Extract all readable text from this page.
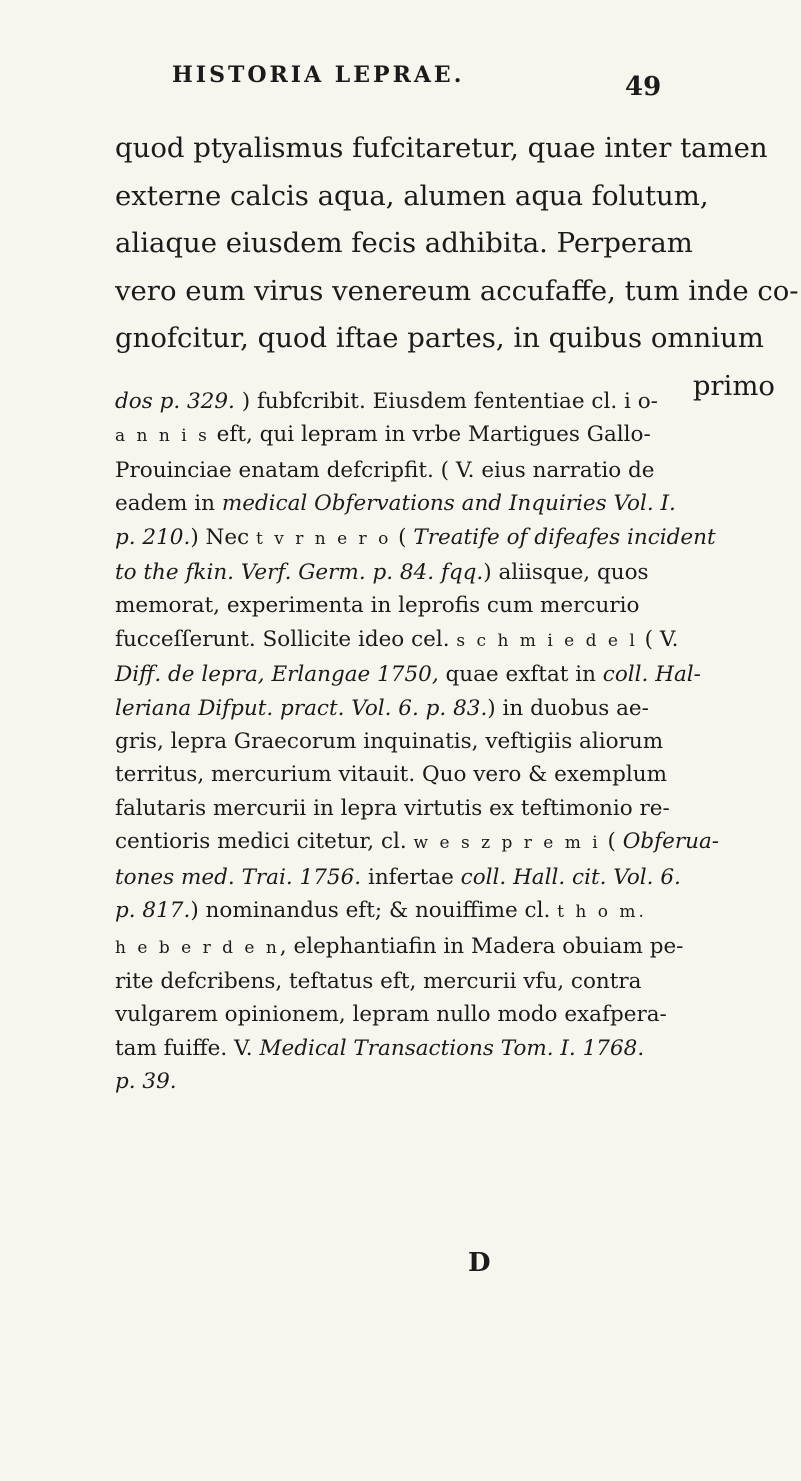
HISTORIA LEPRAE.	49
quod ptyalismus fufcitaretur, quae inter tamen
externe calcis aqua, alumen aqua folutum,
aliaque eiusdem fecis adhibita. Perperam
vero eum virus venereum accufaffe, tum inde co-
gnofcitur, quod iftae partes, in quibus omnium
primo
dos p. 329. ) fubfcribit. Eiusdem fententiae cl. i o-
a n n i s eft, qui lepram in vrbe Martigues Gallo-
Prouinciae enatam defcripfit. ( V. eius narratio de
eadem in medical Obfervations and Inquiries Vol. I.
p. 210.) Nec t v r n e r o ( Treatife of difeafes incident
to the fkin. Verf. Germ. p. 84. fqq.) aliisque, quos
memorat, experimenta in leprofis cum mercurio
fucceſſerunt. Sollicite ideo cel. s c h m i e d e l ( V.
Diff. de lepra, Erlangae 1750, quae exftat in coll. Hal-
leriana Difput. pract. Vol. 6. p. 83.) in duobus ae-
gris, lepra Graecorum inquinatis, veftigiis aliorum
territus, mercurium vitauit. Quo vero & exemplum
falutaris mercurii in lepra virtutis ex teftimonio re-
centioris medici citetur, cl. w e s z p r e m i ( Obferua-
tones med. Trai. 1756. infertae coll. Hall. cit. Vol. 6.
p. 817.) nominandus eft; & nouiffime cl. t h o m.
h e b e r d e n, elephantiafin in Madera obuiam pe-
rite defcribens, teftatus eft, mercurii vfu, contra
vulgarem opinionem, lepram nullo modo exafpera-
tam fuiffe. V. Medical Transactions Tom. I. 1768.
p. 39.
D
